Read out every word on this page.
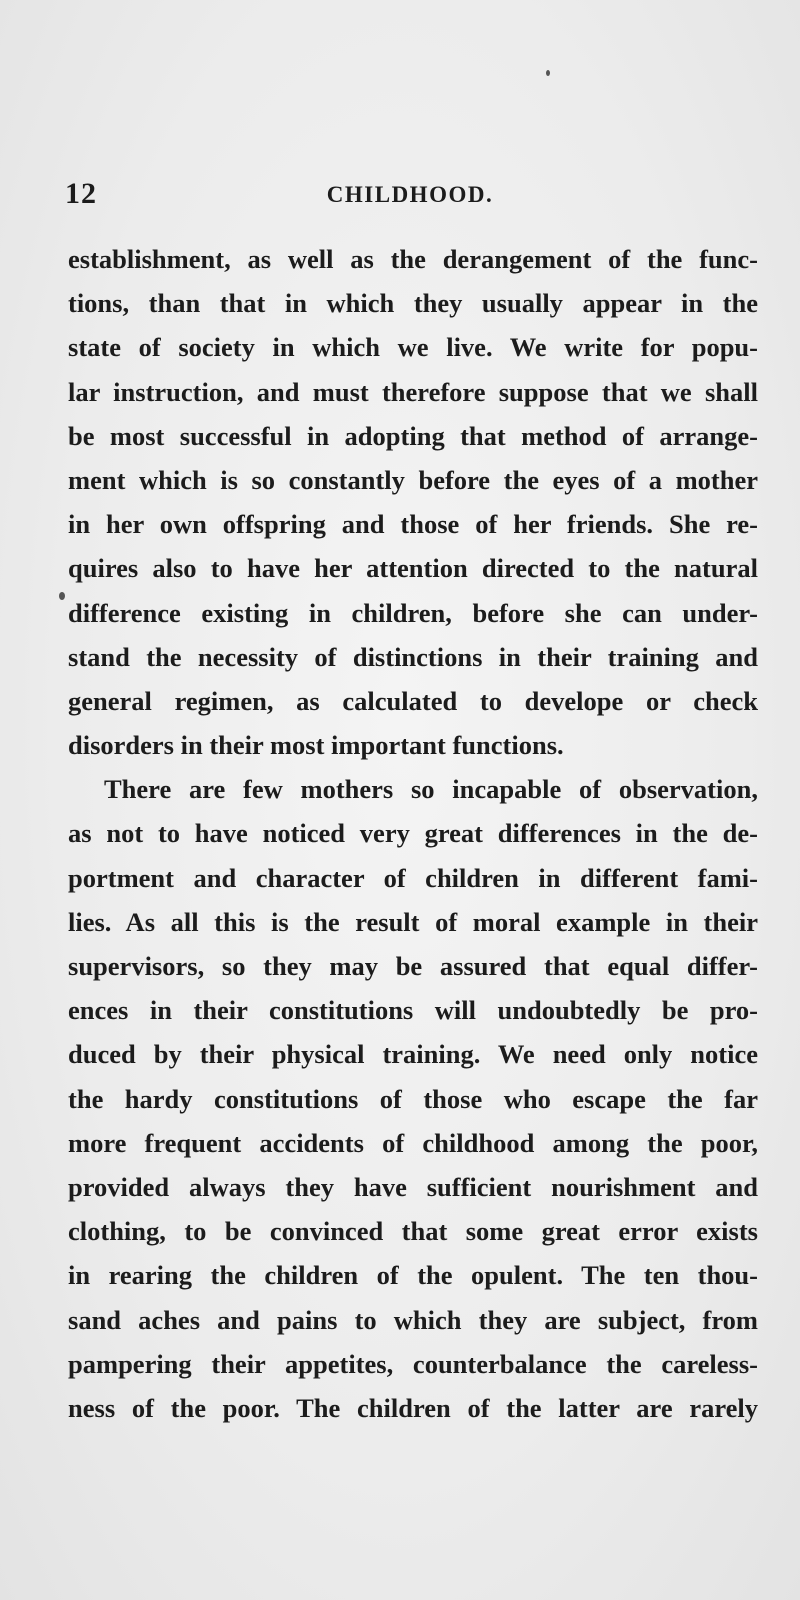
12	CHILDHOOD.
establishment, as well as the derangement of the func-
tions, than that in which they usually appear in the
state of society in which we live. We write for popu-
lar instruction, and must therefore suppose that we shall
be most successful in adopting that method of arrange-
ment which is so constantly before the eyes of a mother
in her own offspring and those of her friends. She re-
quires also to have her attention directed to the natural
difference existing in children, before she can under-
stand the necessity of distinctions in their training and
general regimen, as calculated to develope or check
disorders in their most important functions.
There are few mothers so incapable of observation,
as not to have noticed very great differences in the de-
portment and character of children in different fami-
lies. As all this is the result of moral example in their
supervisors, so they may be assured that equal differ-
ences in their constitutions will undoubtedly be pro-
duced by their physical training. We need only notice
the hardy constitutions of those who escape the far
more frequent accidents of childhood among the poor,
provided always they have sufficient nourishment and
clothing, to be convinced that some great error exists
in rearing the children of the opulent. The ten thou-
sand aches and pains to which they are subject, from
pampering their appetites, counterbalance the careless-
ness of the poor. The children of the latter are rarely
